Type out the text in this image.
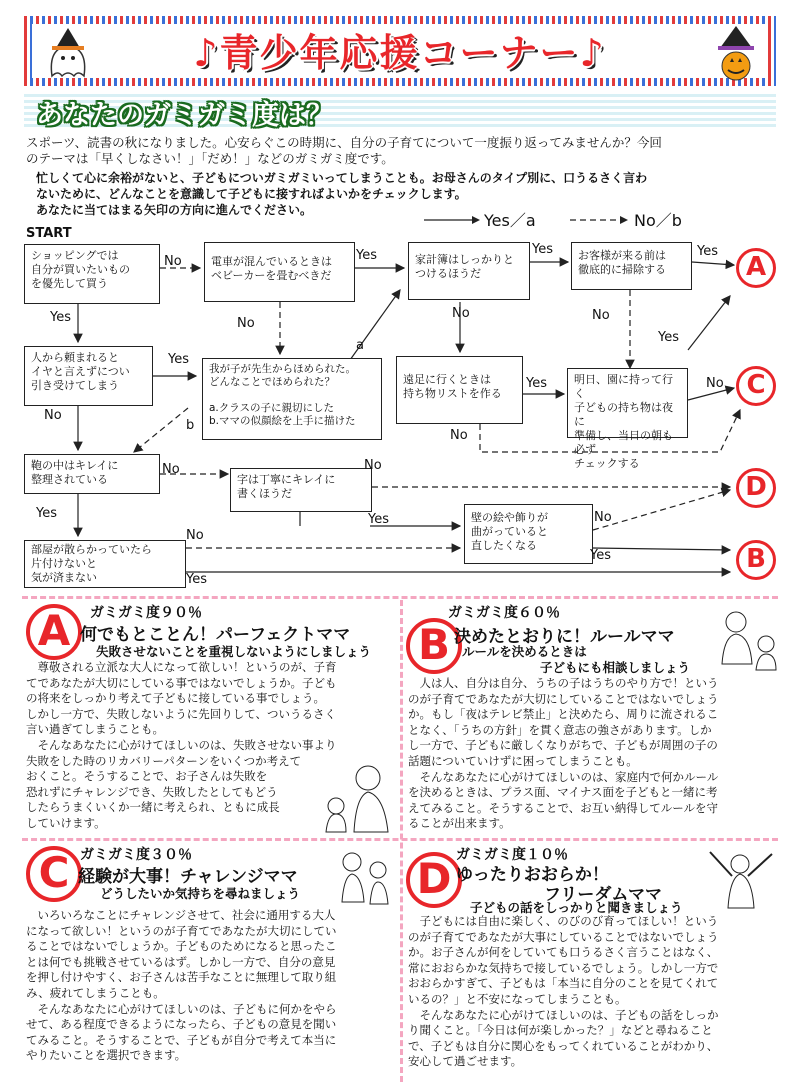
♪青少年応援コーナー♪
あなたのガミガミ度は？
スポーツ、読書の秋になりました。心安らぐこの時期に、自分の子育てについて一度振り返ってみませんか？今回
のテーマは「早くしなさい！」「だめ！」などのガミガミ度です。
忙しくて心に余裕がないと、子どもについガミガミいってしまうことも。お母さんのタイプ別に、口うるさく言わ
ないために、どんなことを意識して子どもに接すればよいかをチェックします。
あなたに当てはまる矢印の方向に進んでください。
Yes／a	No／b
START
ショッピングでは
自分が買いたいもの
を優先して買う
電車が混んでいるときは
ベビーカーを畳むべきだ
家計簿はしっかりと
つけるほうだ
お客様が来る前は
徹底的に掃除する
人から頼まれると
イヤと言えずについ
引き受けてしまう
我が子が先生からほめられた。
どんなことでほめられた？

a.クラスの子に親切にした
b.ママの似顔絵を上手に描けた
遠足に行くときは
持ち物リストを作る
明日、園に持って行く
子どもの持ち物は夜に
準備し、当日の朝も必ず
チェックする
鞄の中はキレイに
整理されている	字は丁寧にキレイに
書くほうだ
壁の絵や飾りが
曲がっていると
直したくなる
部屋が散らかっていたら
片付けないと
気が済まない
No	Yes	Yes	Yes
Yes	No
No	No
Yes
a
Yes
Yes	No
No
b
No
No	No
Yes	Yes
No
No
Yes
Yes
A
C
D
B
A	ガミガミ度９０％
何でもとことん！パーフェクトママ
失敗させないことを重視しないようにしましょう

　尊敬される立派な大人になって欲しい！というのが、子育

てであなたが大切にしている事ではないでしょうか。子ども

の将来をしっかり考えて子どもに接している事でしょう。

しかし一方で、失敗しないように先回りして、ついうるさく

言い過ぎてしまうことも。

　そんなあなたに心がけてほしいのは、失敗させない事より

失敗をした時のリカバリーパターンをいくつか考えて

おくこと。そうすることで、お子さんは失敗を

恐れずにチャレンジでき、失敗したとしてもどう

したらうまくいくか一緒に考えられ、ともに成長

していけます。

B
ガミガミ度６０％
決めたとおりに！ルールママ
ルールを決めるときは
子どもにも相談しましょう

　人は人、自分は自分、うちの子はうちのやり方で！という

のが子育てであなたが大切にしていることではないでしょう

か。もし「夜はテレビ禁止」と決めたら、周りに流されるこ

となく、「うちの方針」を貫く意志の強さがあります。しか

し一方で、子どもに厳しくなりがちで、子どもが周囲の子の

話題についていけずに困ってしまうことも。

　そんなあなたに心がけてほしいのは、家庭内で何かルール

を決めるときは、プラス面、マイナス面を子どもと一緒に考

えてみること。そうすることで、お互い納得してルールを守

ることが出来ます。

C ガミガミ度３０％
経験が大事！チャレンジママ
どうしたいか気持ちを尋ねましょう

　いろいろなことにチャレンジさせて、社会に通用する大人

になって欲しい！というのが子育てであなたが大切にしてい

ることではないでしょうか。子どものためになると思ったこ

とは何でも挑戦させているはず。しかし一方で、自分の意見

を押し付けやすく、お子さんは苦手なことに無理して取り組

み、疲れてしまうことも。

　そんなあなたに心がけてほしいのは、子どもに何かをやら

せて、ある程度できるようになったら、子どもの意見を聞い

てみること。そうすることで、子どもが自分で考えて本当に

やりたいことを選択できます。

D ガミガミ度１０％
ゆったりおおらか！
フリーダムママ
子どもの話をしっかりと聞きましょう

　子どもには自由に楽しく、のびのび育ってほしい！という

のが子育てであなたが大事にしていることではないでしょう

か。お子さんが何をしていても口うるさく言うことはなく、

常におおらかな気持ちで接しているでしょう。しかし一方で

おおらかすぎて、子どもは「本当に自分のことを見てくれて

いるの？」と不安になってしまうことも。

　そんなあなたに心がけてほしいのは、子どもの話をしっか

り聞くこと。「今日は何が楽しかった？」などと尋ねること

で、子どもは自分に関心をもってくれていることがわかり、

安心して過ごせます。
